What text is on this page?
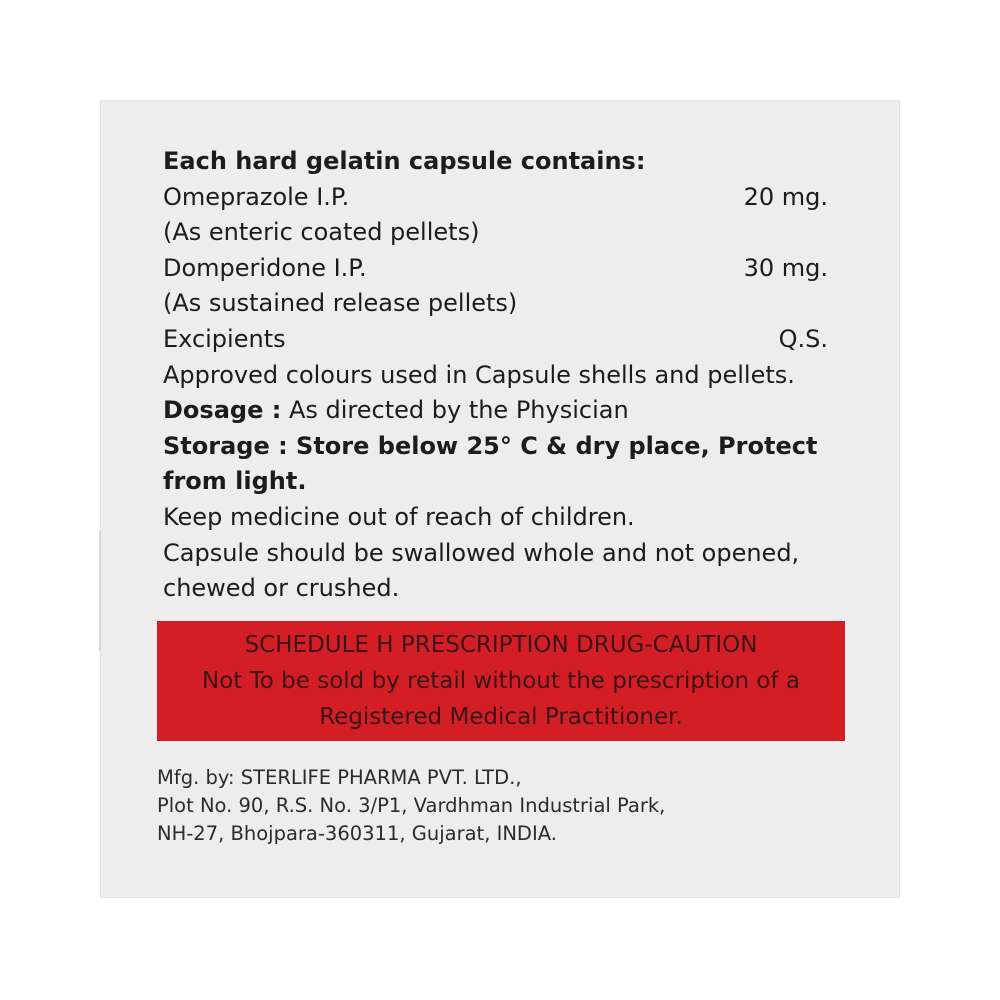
Each hard gelatin capsule contains:
Omeprazole I.P.	20 mg.
(As enteric coated pellets)
Domperidone I.P.	30 mg.
(As sustained release pellets)
Excipients	Q.S.
Approved colours used in Capsule shells and pellets.
Dosage : As directed by the Physician
Storage : Store below 25° C & dry place, Protect
from light.
Keep medicine out of reach of children.
Capsule should be swallowed whole and not opened,
chewed or crushed.
SCHEDULE H PRESCRIPTION DRUG-CAUTION
Not To be sold by retail without the prescription of a
Registered Medical Practitioner.
Mfg. by: STERLIFE PHARMA PVT. LTD.,
Plot No. 90, R.S. No. 3/P1, Vardhman Industrial Park,
NH-27, Bhojpara-360311, Gujarat, INDIA.
